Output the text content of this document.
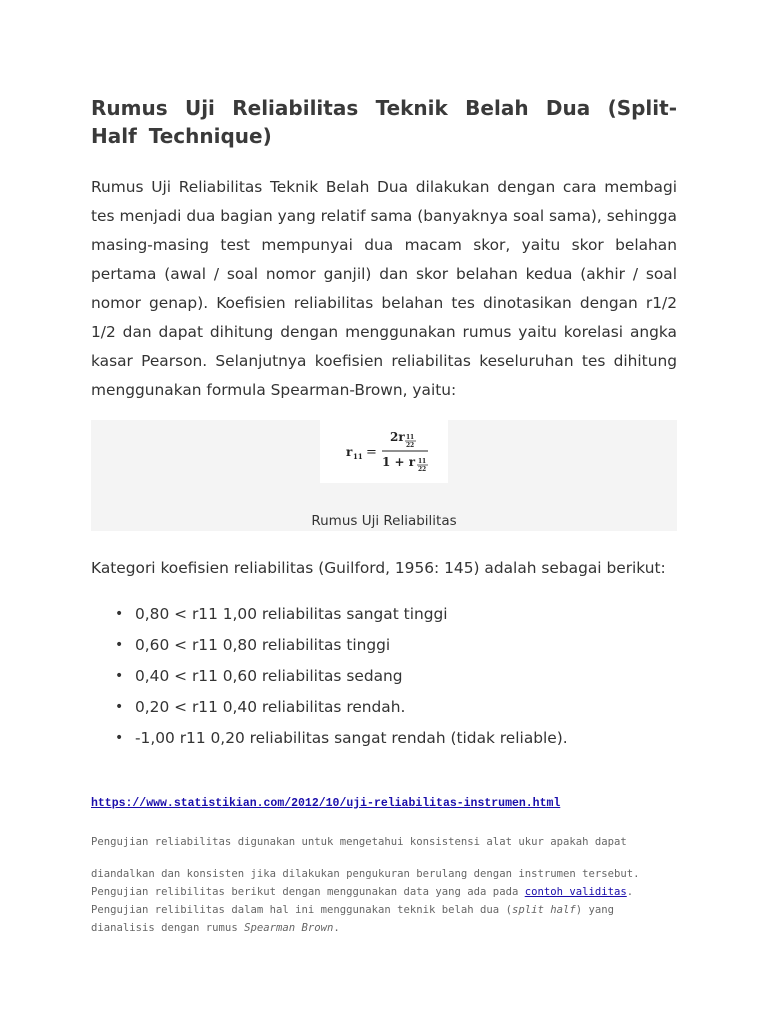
Rumus Uji Reliabilitas Teknik Belah Dua (Split-Half Technique)

Rumus Uji Reliabilitas Teknik Belah Dua dilakukan dengan cara membagi tes menjadi dua bagian yang relatif sama (banyaknya soal sama), sehingga masing-masing test mempunyai dua macam skor, yaitu skor belahan pertama (awal / soal nomor ganjil) dan skor belahan kedua (akhir / soal nomor genap). Koefisien reliabilitas belahan tes dinotasikan dengan r1/2 1/2 dan dapat dihitung dengan menggunakan rumus yaitu korelasi angka kasar Pearson. Selanjutnya koefisien reliabilitas keseluruhan tes dihitung menggunakan formula Spearman-Brown, yaitu:

r 11 =
2r 1 1
2 2
1 + r 1 1
2 2

Rumus Uji Reliabilitas

Kategori koefisien reliabilitas (Guilford, 1956: 145) adalah sebagai berikut:

• 0,80 < r11 1,00 reliabilitas sangat tinggi
• 0,60 < r11 0,80 reliabilitas tinggi
• 0,40 < r11 0,60 reliabilitas sedang
• 0,20 < r11 0,40 reliabilitas rendah.
• -1,00 r11 0,20 reliabilitas sangat rendah (tidak reliable).
https://www.statistikian.com/2012/10/uji-reliabilitas-instrumen.html

Pengujian reliabilitas digunakan untuk mengetahui konsistensi alat ukur apakah dapat

diandalkan dan konsisten jika dilakukan pengukuran berulang dengan instrumen tersebut. Pengujian relibilitas berikut dengan menggunakan data yang ada pada contoh validitas. Pengujian relibilitas dalam hal ini menggunakan teknik belah dua (split half) yang dianalisis dengan rumus Spearman Brown.
